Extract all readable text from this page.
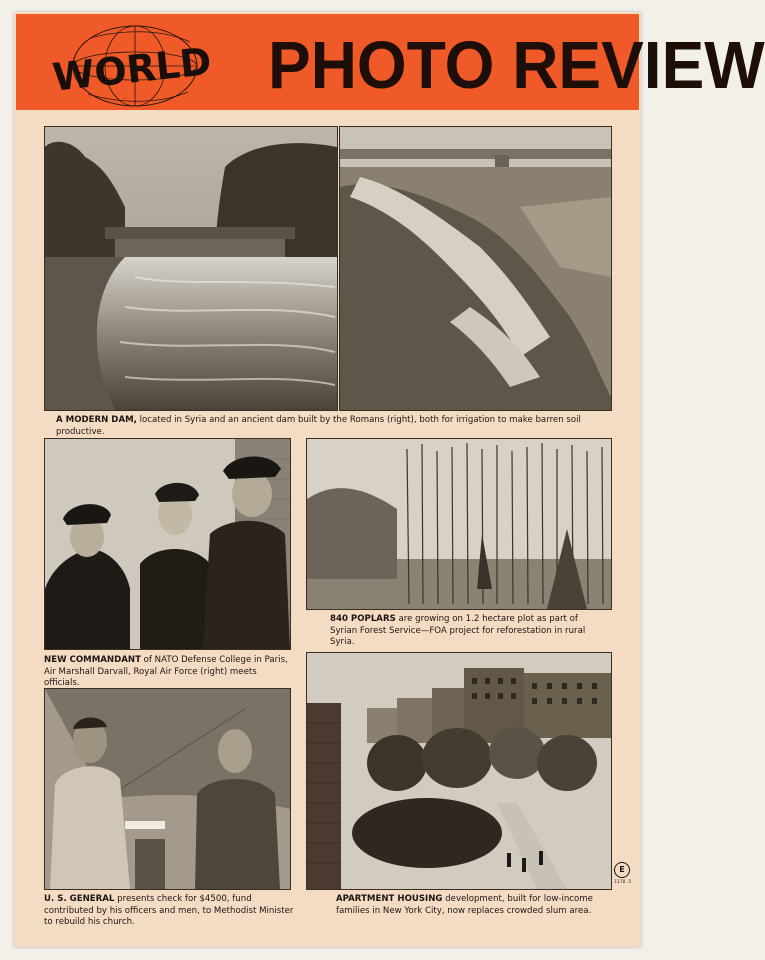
WORLD PHOTO REVIEW
A MODERN DAM, located in Syria and an ancient dam built by the Romans (right), both for irrigation to make barren soil productive.
NEW COMMANDANT of NATO Defense College in Paris, Air Marshall Darvall, Royal Air Force (right) meets officials.
840 POPLARS are growing on 1.2 hectare plot as part of Syrian Forest Service—FOA project for reforestation in rural Syria.
U. S. GENERAL presents check for $4500, fund contributed by his officers and men, to Methodist Minister to rebuild his church.
APARTMENT HOUSING development, built for low-income families in New York City, now replaces crowded slum area.
E
1178 .5
